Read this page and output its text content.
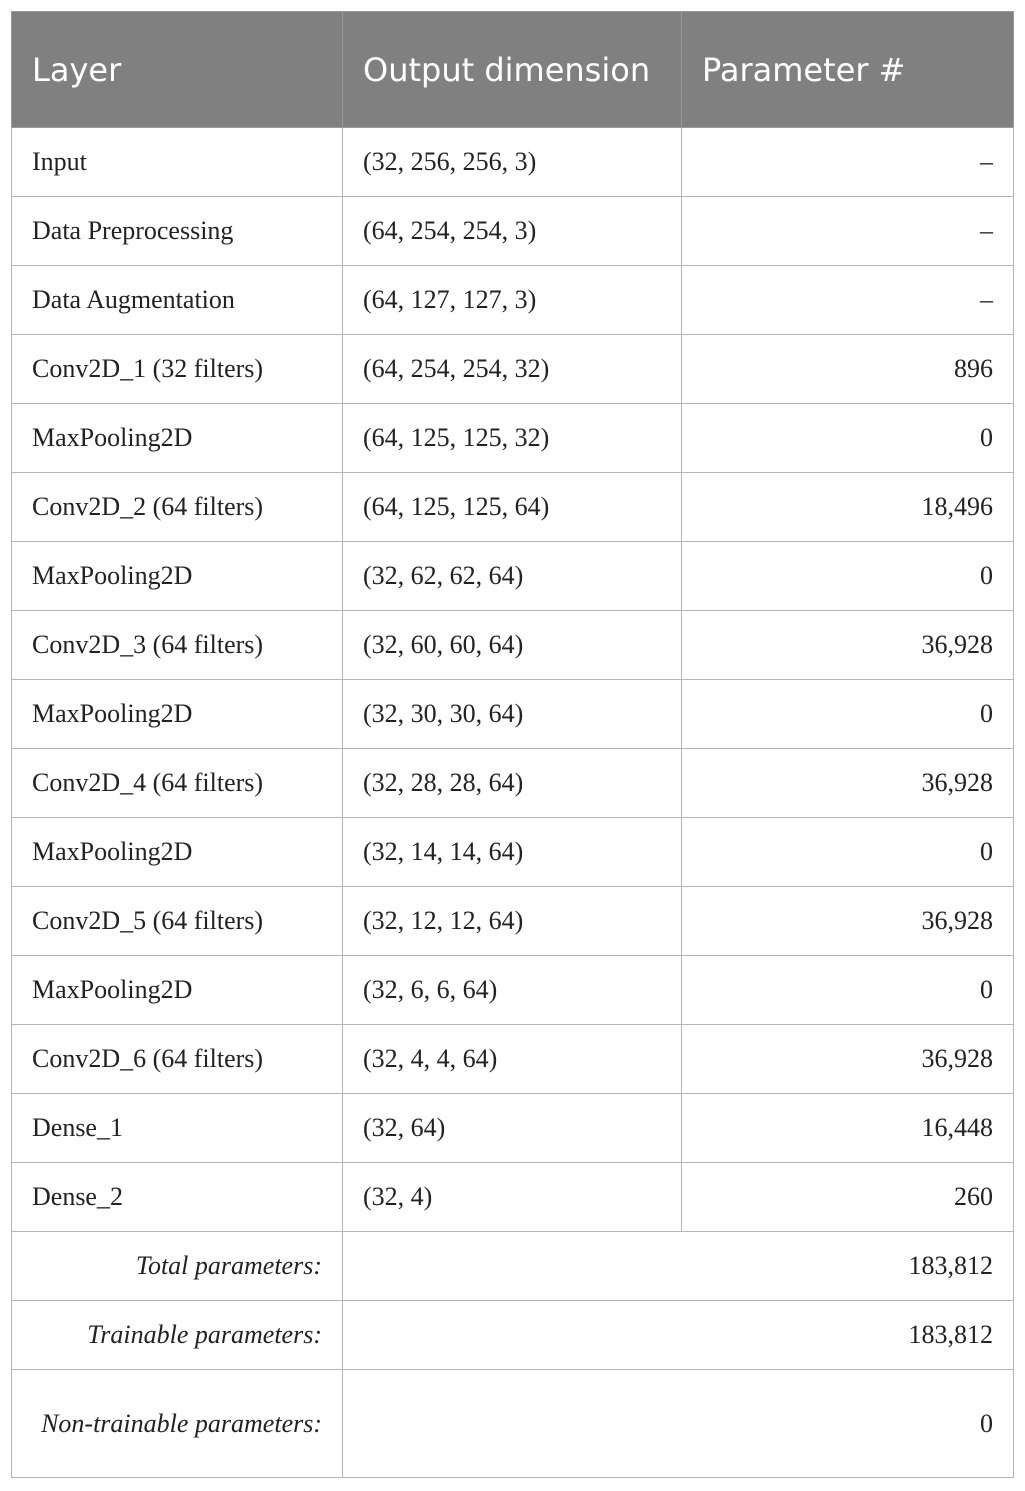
Layer	Output dimension	Parameter #
Input	(32, 256, 256, 3)	–
Data Preprocessing	(64, 254, 254, 3)	–
Data Augmentation	(64, 127, 127, 3)	–
Conv2D_1 (32 filters)	(64, 254, 254, 32)	896
MaxPooling2D	(64, 125, 125, 32)	0
Conv2D_2 (64 filters)	(64, 125, 125, 64)	18,496
MaxPooling2D	(32, 62, 62, 64)	0
Conv2D_3 (64 filters)	(32, 60, 60, 64)	36,928
MaxPooling2D	(32, 30, 30, 64)	0
Conv2D_4 (64 filters)	(32, 28, 28, 64)	36,928
MaxPooling2D	(32, 14, 14, 64)	0
Conv2D_5 (64 filters)	(32, 12, 12, 64)	36,928
MaxPooling2D	(32, 6, 6, 64)	0
Conv2D_6 (64 filters)	(32, 4, 4, 64)	36,928
Dense_1	(32, 64)	16,448
Dense_2	(32, 4)	260
Total parameters:	183,812	
Trainable parameters:	183,812	
Non-trainable parameters:	0	
